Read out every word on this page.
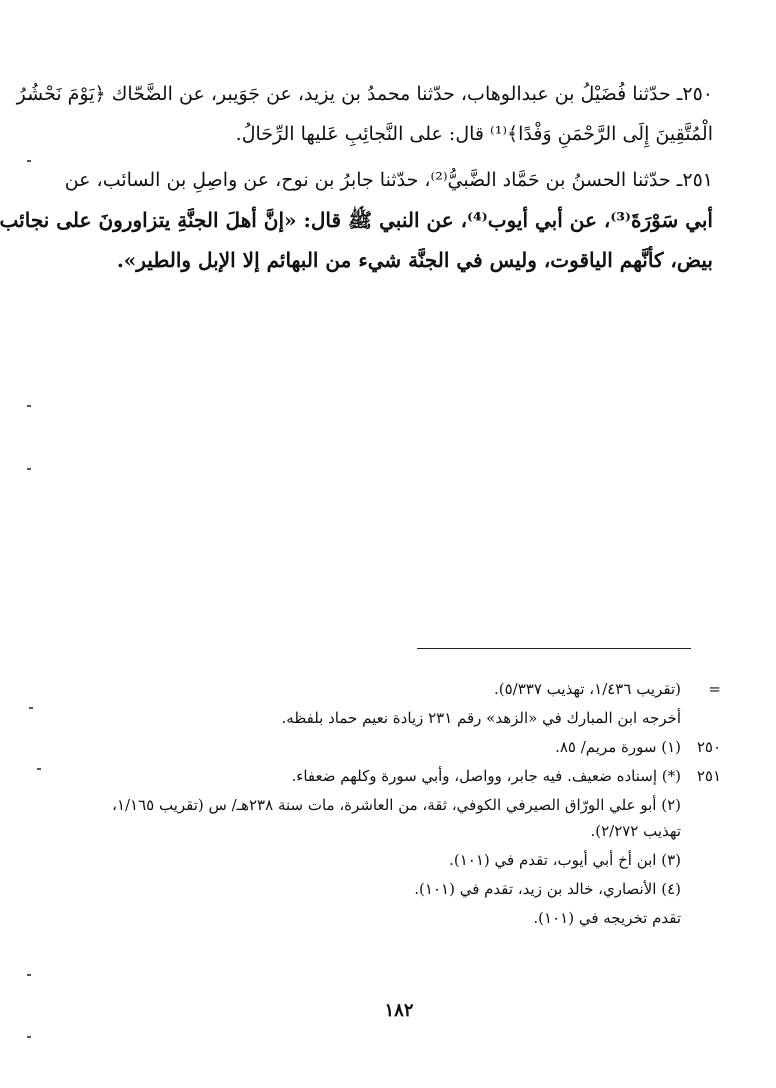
٢٥٠ـ حدّثنا فُضَيْلُ بن عبدالوهاب، حدّثنا محمدُ بن يزيد، عن جَوَيبر، عن الضَّحّاك ﴿يَوْمَ نَحْشُرُ
الْمُتَّقِينَ إِلَى الرَّحْمَنِ وَفْدًا﴾⁽¹⁾ قال: على النَّجائِبِ عَليها الرِّحَالُ.

٢٥١ـ حدّثنا الحسنُ بن حَمَّاد الضَّبيُّ⁽²⁾، حدّثنا جابرُ بن نوح، عن واصِلِ بن السائب، عن
أبي سَوْرَةَ⁽³⁾، عن أبي أيوب⁽⁴⁾، عن النبي ﷺ قال: «إنَّ أهلَ الجنَّةِ يتزاورونَ على نجائب
بيض، كأنَّهم الياقوت، وليس في الجنَّة شيء من البهائم إلا الإبل والطير».

=
(تقريب ١/٤٣٦، تهذيب ٥/٣٣٧).
أخرجه ابن المبارك في «الزهد» رقم ٢٣١ زيادة نعيم حماد بلفظه.
٢٥٠
(١) سورة مريم/ ٨٥.
٢٥١
(*) إسناده ضعيف. فيه جابر، وواصل، وأبي سورة وكلهم ضعفاء.
(٢) أبو علي الورّاق الصيرفي الكوفي، ثقة، من العاشرة، مات سنة ٢٣٨هـ/ س (تقريب ١/١٦٥،
تهذيب ٢/٢٧٢).
(٣) ابن أخ أبي أيوب، تقدم في (١٠١).
(٤) الأنصاري، خالد بن زيد، تقدم في (١٠١).
تقدم تخريجه في (١٠١).
١٨٢
